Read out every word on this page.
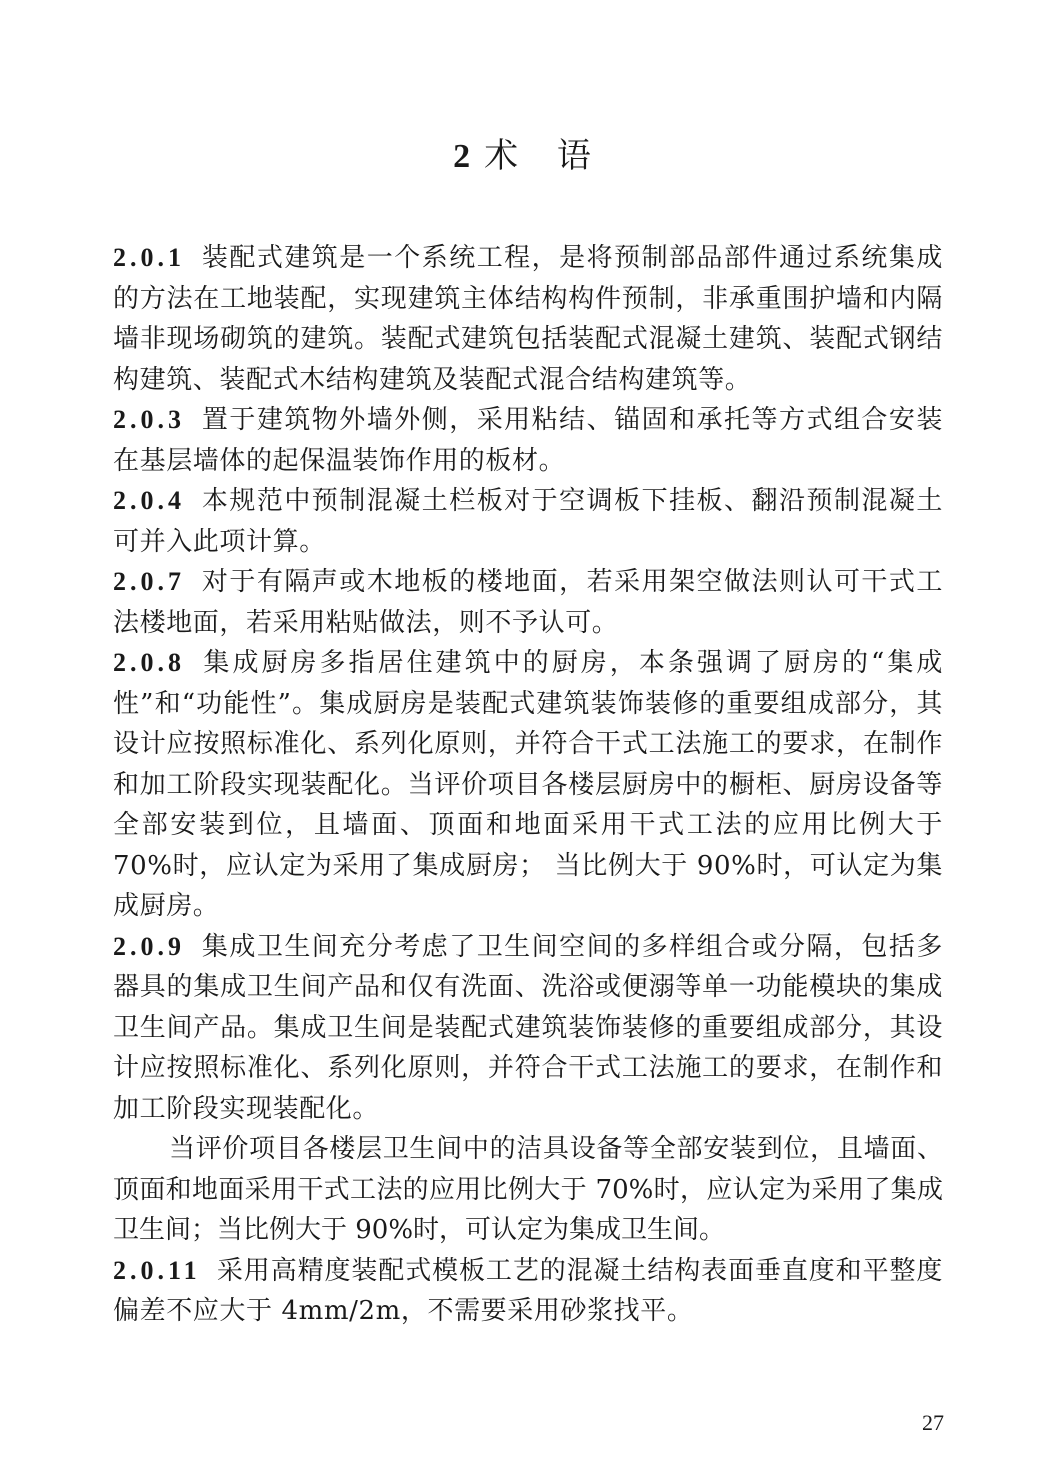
2 术 语

2.0.1 装配式建筑是一个系统工程，是将预制部品部件通过系统集成的方法在工地装配，实现建筑主体结构构件预制，非承重围护墙和内隔墙非现场砌筑的建筑。装配式建筑包括装配式混凝土建筑、装配式钢结构建筑、装配式木结构建筑及装配式混合结构建筑等。

2.0.3 置于建筑物外墙外侧，采用粘结、锚固和承托等方式组合安装在基层墙体的起保温装饰作用的板材。

2.0.4 本规范中预制混凝土栏板对于空调板下挂板、翻沿预制混凝土可并入此项计算。

2.0.7 对于有隔声或木地板的楼地面，若采用架空做法则认可干式工法楼地面，若采用粘贴做法，则不予认可。

2.0.8 集成厨房多指居住建筑中的厨房，本条强调了厨房的“集成性”和“功能性”。集成厨房是装配式建筑装饰装修的重要组成部分，其设计应按照标准化、系列化原则，并符合干式工法施工的要求，在制作和加工阶段实现装配化。当评价项目各楼层厨房中的橱柜、厨房设备等全部安装到位，且墙面、顶面和地面采用干式工法的应用比例大于 70%时，应认定为采用了集成厨房； 当比例大于 90%时，可认定为集成厨房。

2.0.9 集成卫生间充分考虑了卫生间空间的多样组合或分隔，包括多器具的集成卫生间产品和仅有洗面、洗浴或便溺等单一功能模块的集成卫生间产品。集成卫生间是装配式建筑装饰装修的重要组成部分，其设计应按照标准化、系列化原则，并符合干式工法施工的要求，在制作和加工阶段实现装配化。

当评价项目各楼层卫生间中的洁具设备等全部安装到位，且墙面、顶面和地面采用干式工法的应用比例大于 70%时，应认定为采用了集成卫生间；当比例大于 90%时，可认定为集成卫生间。

2.0.11 采用高精度装配式模板工艺的混凝土结构表面垂直度和平整度偏差不应大于 4mm/2m，不需要采用砂浆找平。

27
